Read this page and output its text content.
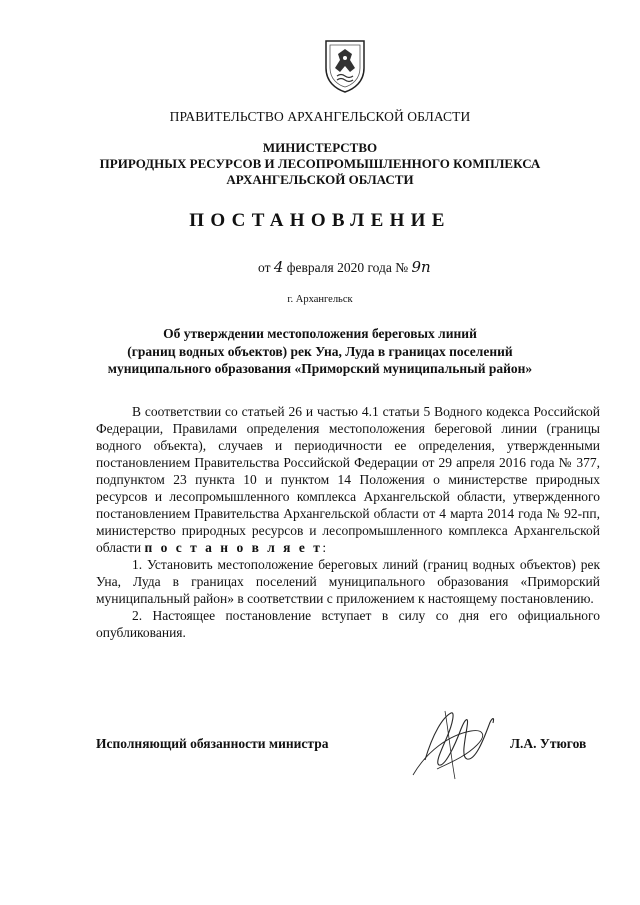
ПРАВИТЕЛЬСТВО АРХАНГЕЛЬСКОЙ ОБЛАСТИ
МИНИСТЕРСТВО
ПРИРОДНЫХ РЕСУРСОВ И ЛЕСОПРОМЫШЛЕННОГО КОМПЛЕКСА
АРХАНГЕЛЬСКОЙ ОБЛАСТИ
ПОСТАНОВЛЕНИЕ
от 4 февраля 2020 года № 9п
г. Архангельск
Об утверждении местоположения береговых линий
(границ водных объектов) рек Уна, Луда в границах поселений
муниципального образования «Приморский муниципальный район»

В соответствии со статьей 26 и частью 4.1 статьи 5 Водного кодекса Российской Федерации, Правилами определения местоположения береговой линии (границы водного объекта), случаев и периодичности ее определения, утвержденными постановлением Правительства Российской Федерации от 29 апреля 2016 года № 377, подпунктом 23 пункта 10 и пунктом 14 Положения о министерстве природных ресурсов и лесопромышленного комплекса Архангельской области, утвержденного постановлением Правительства Архангельской области от 4 марта 2014 года № 92-пп, министерство природных ресурсов и лесопромышленного комплекса Архангельской области п о с т а н о в л я е т:

1. Установить местоположение береговых линий (границ водных объектов) рек Уна, Луда в границах поселений муниципального образования «Приморский муниципальный район» в соответствии с приложением к настоящему постановлению.

2. Настоящее постановление вступает в силу со дня его официального опубликования.

Исполняющий обязанности министра	Л.А. Утюгов
